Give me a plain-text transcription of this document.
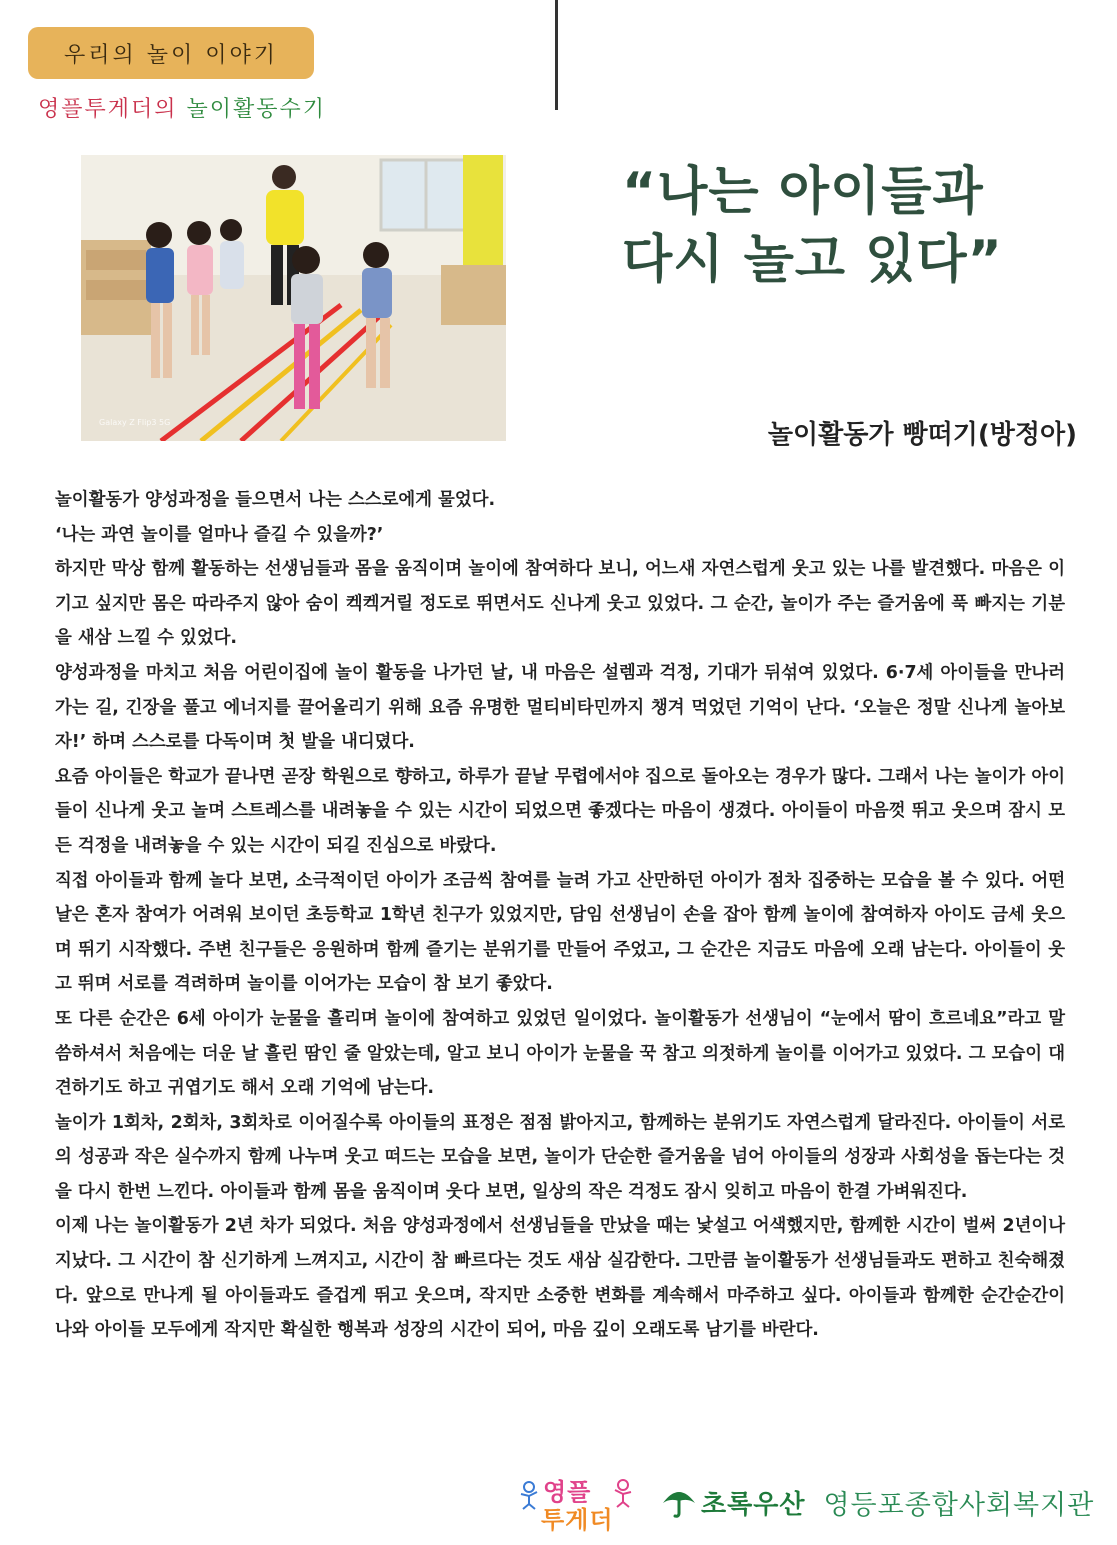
우리의 놀이 이야기
영플투게더의 놀이활동수기
Galaxy Z Flip3 5G
“나는 아이들과
다시 놀고 있다”
놀이활동가 빵떠기(방정아)

놀이활동가 양성과정을 들으면서 나는 스스로에게 물었다.

‘나는 과연 놀이를 얼마나 즐길 수 있을까?’

하지만 막상 함께 활동하는 선생님들과 몸을 움직이며 놀이에 참여하다 보니, 어느새 자연스럽게 웃고 있는 나를 발견했다. 마음은 이기고 싶지만 몸은 따라주지 않아 숨이 켁켁거릴 정도로 뛰면서도 신나게 웃고 있었다. 그 순간, 놀이가 주는 즐거움에 푹 빠지는 기분을 새삼 느낄 수 있었다.

양성과정을 마치고 처음 어린이집에 놀이 활동을 나가던 날, 내 마음은 설렘과 걱정, 기대가 뒤섞여 있었다. 6·7세 아이들을 만나러 가는 길, 긴장을 풀고 에너지를 끌어올리기 위해 요즘 유명한 멀티비타민까지 챙겨 먹었던 기억이 난다. ‘오늘은 정말 신나게 놀아보자!’ 하며 스스로를 다독이며 첫 발을 내디뎠다.

요즘 아이들은 학교가 끝나면 곧장 학원으로 향하고, 하루가 끝날 무렵에서야 집으로 돌아오는 경우가 많다. 그래서 나는 놀이가 아이들이 신나게 웃고 놀며 스트레스를 내려놓을 수 있는 시간이 되었으면 좋겠다는 마음이 생겼다. 아이들이 마음껏 뛰고 웃으며 잠시 모든 걱정을 내려놓을 수 있는 시간이 되길 진심으로 바랐다.

직접 아이들과 함께 놀다 보면, 소극적이던 아이가 조금씩 참여를 늘려 가고 산만하던 아이가 점차 집중하는 모습을 볼 수 있다. 어떤 날은 혼자 참여가 어려워 보이던 초등학교 1학년 친구가 있었지만, 담임 선생님이 손을 잡아 함께 놀이에 참여하자 아이도 금세 웃으며 뛰기 시작했다. 주변 친구들은 응원하며 함께 즐기는 분위기를 만들어 주었고, 그 순간은 지금도 마음에 오래 남는다. 아이들이 웃고 뛰며 서로를 격려하며 놀이를 이어가는 모습이 참 보기 좋았다.

또 다른 순간은 6세 아이가 눈물을 흘리며 놀이에 참여하고 있었던 일이었다. 놀이활동가 선생님이 “눈에서 땀이 흐르네요”라고 말씀하셔서 처음에는 더운 날 흘린 땀인 줄 알았는데, 알고 보니 아이가 눈물을 꾹 참고 의젓하게 놀이를 이어가고 있었다. 그 모습이 대견하기도 하고 귀엽기도 해서 오래 기억에 남는다.

놀이가 1회차, 2회차, 3회차로 이어질수록 아이들의 표정은 점점 밝아지고, 함께하는 분위기도 자연스럽게 달라진다. 아이들이 서로의 성공과 작은 실수까지 함께 나누며 웃고 떠드는 모습을 보면, 놀이가 단순한 즐거움을 넘어 아이들의 성장과 사회성을 돕는다는 것을 다시 한번 느낀다. 아이들과 함께 몸을 움직이며 웃다 보면, 일상의 작은 걱정도 잠시 잊히고 마음이 한결 가벼워진다.

이제 나는 놀이활동가 2년 차가 되었다. 처음 양성과정에서 선생님들을 만났을 때는 낯설고 어색했지만, 함께한 시간이 벌써 2년이나 지났다. 그 시간이 참 신기하게 느껴지고, 시간이 참 빠르다는 것도 새삼 실감한다. 그만큼 놀이활동가 선생님들과도 편하고 친숙해졌다. 앞으로 만나게 될 아이들과도 즐겁게 뛰고 웃으며, 작지만 소중한 변화를 계속해서 마주하고 싶다. 아이들과 함께한 순간순간이 나와 아이들 모두에게 작지만 확실한 행복과 성장의 시간이 되어, 마음 깊이 오래도록 남기를 바란다.

영플
투게더
초록우산 영등포종합사회복지관
